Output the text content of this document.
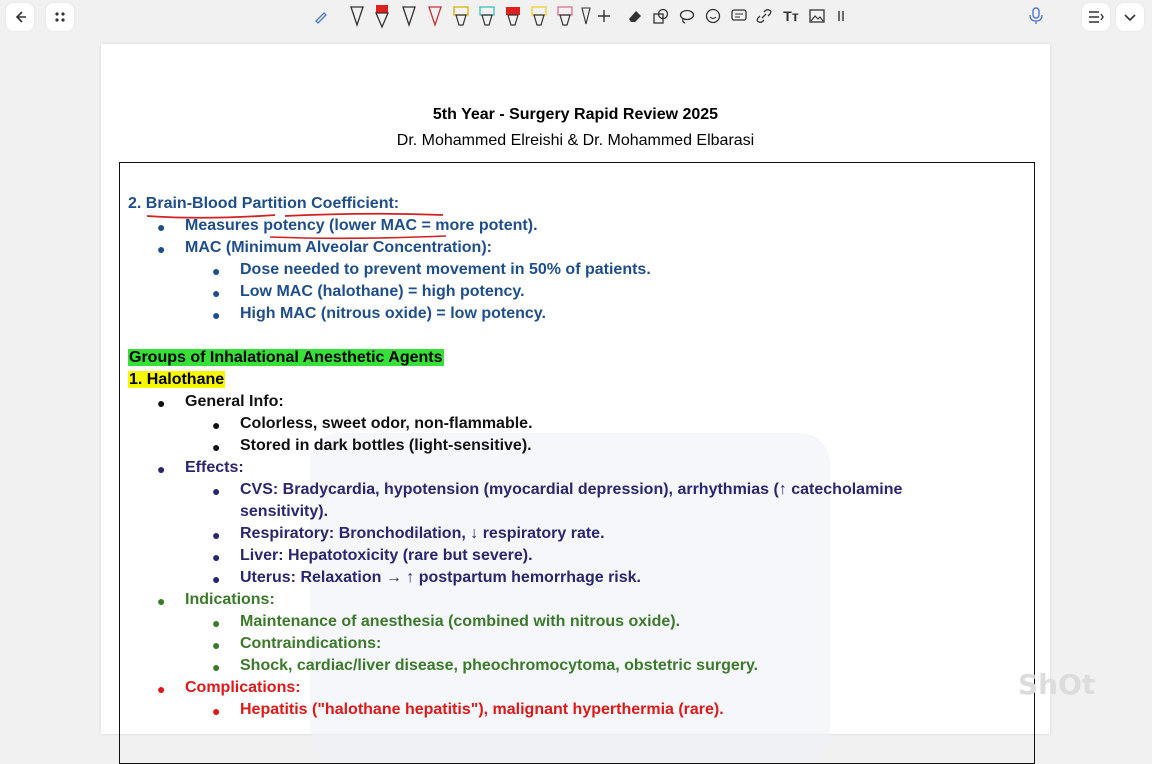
Tт
5th Year - Surgery Rapid Review 2025
Dr. Mohammed Elreishi & Dr. Mohammed Elbarasi
2. Brain-Blood Partition Coefficient:
● Measures potency (lower MAC = more potent).
● MAC (Minimum Alveolar Concentration):
● Dose needed to prevent movement in 50% of patients.
● Low MAC (halothane) = high potency.
● High MAC (nitrous oxide) = low potency.
Groups of Inhalational Anesthetic Agents
1. Halothane
● General Info:
● Colorless, sweet odor, non-flammable.
● Stored in dark bottles (light-sensitive).
● Effects:
● CVS: Bradycardia, hypotension (myocardial depression), arrhythmias (↑ catecholamine
sensitivity).
● Respiratory: Bronchodilation, ↓ respiratory rate.
● Liver: Hepatotoxicity (rare but severe).
● Uterus: Relaxation → ↑ postpartum hemorrhage risk.
● Indications:
● Maintenance of anesthesia (combined with nitrous oxide).
● Contraindications:
● Shock, cardiac/liver disease, pheochromocytoma, obstetric surgery.
● Complications:
● Hepatitis ("halothane hepatitis"), malignant hyperthermia (rare).
ShOt
